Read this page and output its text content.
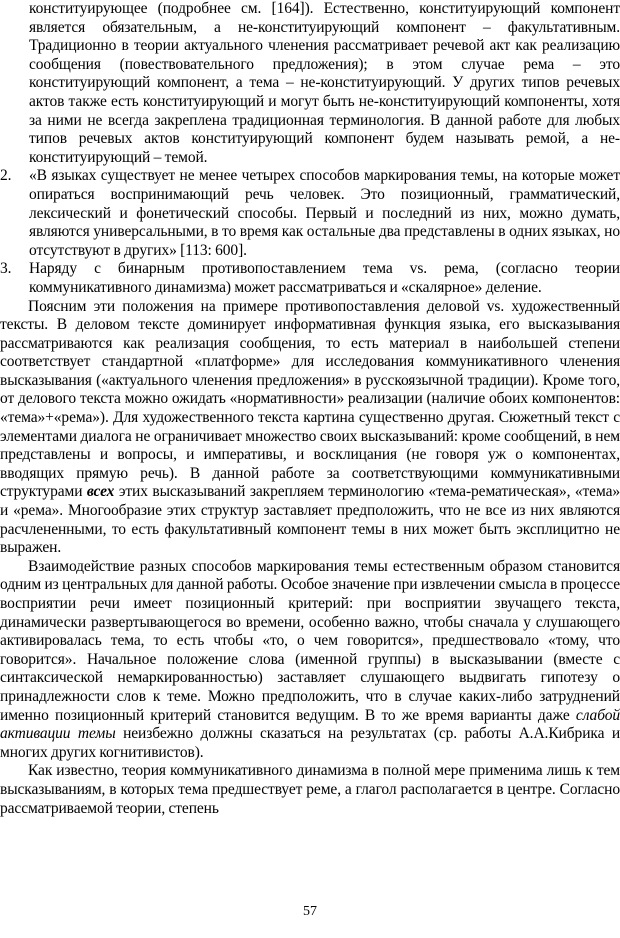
конституирующее (подробнее см. [164]). Естественно, конституирующий компонент является обязательным, а не-конституирующий компонент – факультативным. Традиционно в теории актуального членения рассматривает речевой акт как реализацию сообщения (повествовательного предложения); в этом случае рема – это конституирующий компонент, а тема – не-конституирующий. У других типов речевых актов также есть конституирующий и могут быть не-конституирующий компоненты, хотя за ними не всегда закреплена традиционная терминология. В данной работе для любых типов речевых актов конституирующий компонент будем называть ремой, а не-конституирующий – темой.

2. «В языках существует не менее четырех способов маркирования темы, на которые может опираться воспринимающий речь человек. Это позиционный, грамматический, лексический и фонетический способы. Первый и последний из них, можно думать, являются универсальными, в то время как остальные два представлены в одних языках, но отсутствуют в других» [113: 600].
3. Наряду с бинарным противопоставлением тема vs. рема, (согласно теории коммуникативного динамизма) может рассматриваться и «скалярное» деление.

Поясним эти положения на примере противопоставления деловой vs. художественный тексты. В деловом тексте доминирует информативная функция языка, его высказывания рассматриваются как реализация сообщения, то есть материал в наибольшей степени соответствует стандартной «платформе» для исследования коммуникативного членения высказывания («актуального членения предложения» в русскоязычной традиции). Кроме того, от делового текста можно ожидать «нормативности» реализации (наличие обоих компонентов: «тема»+«рема»). Для художественного текста картина существенно другая. Сюжетный текст с элементами диалога не ограничивает множество своих высказываний: кроме сообщений, в нем представлены и вопросы, и императивы, и восклицания (не говоря уж о компонентах, вводящих прямую речь). В данной работе за соответствующими коммуникативными структурами всех этих высказываний закрепляем терминологию «тема-рематическая», «тема» и «рема». Многообразие этих структур заставляет предположить, что не все из них являются расчлененными, то есть факультативный компонент темы в них может быть эксплицитно не выражен.

Взаимодействие разных способов маркирования темы естественным образом становится одним из центральных для данной работы. Особое значение при извлечении смысла в процессе восприятии речи имеет позиционный критерий: при восприятии звучащего текста, динамически развертывающегося во времени, особенно важно, чтобы сначала у слушающего активировалась тема, то есть чтобы «то, о чем говорится», предшествовало «тому, что говорится». Начальное положение слова (именной группы) в высказывании (вместе с синтаксической немаркированностью) заставляет слушающего выдвигать гипотезу о принадлежности слов к теме. Можно предположить, что в случае каких-либо затруднений именно позиционный критерий становится ведущим. В то же время варианты даже слабой активации темы неизбежно должны сказаться на результатах (ср. работы А.А.Кибрика и многих других когнитивистов).

Как известно, теория коммуникативного динамизма в полной мере применима лишь к тем высказываниям, в которых тема предшествует реме, а глагол располагается в центре. Согласно рассматриваемой теории, степень

57
